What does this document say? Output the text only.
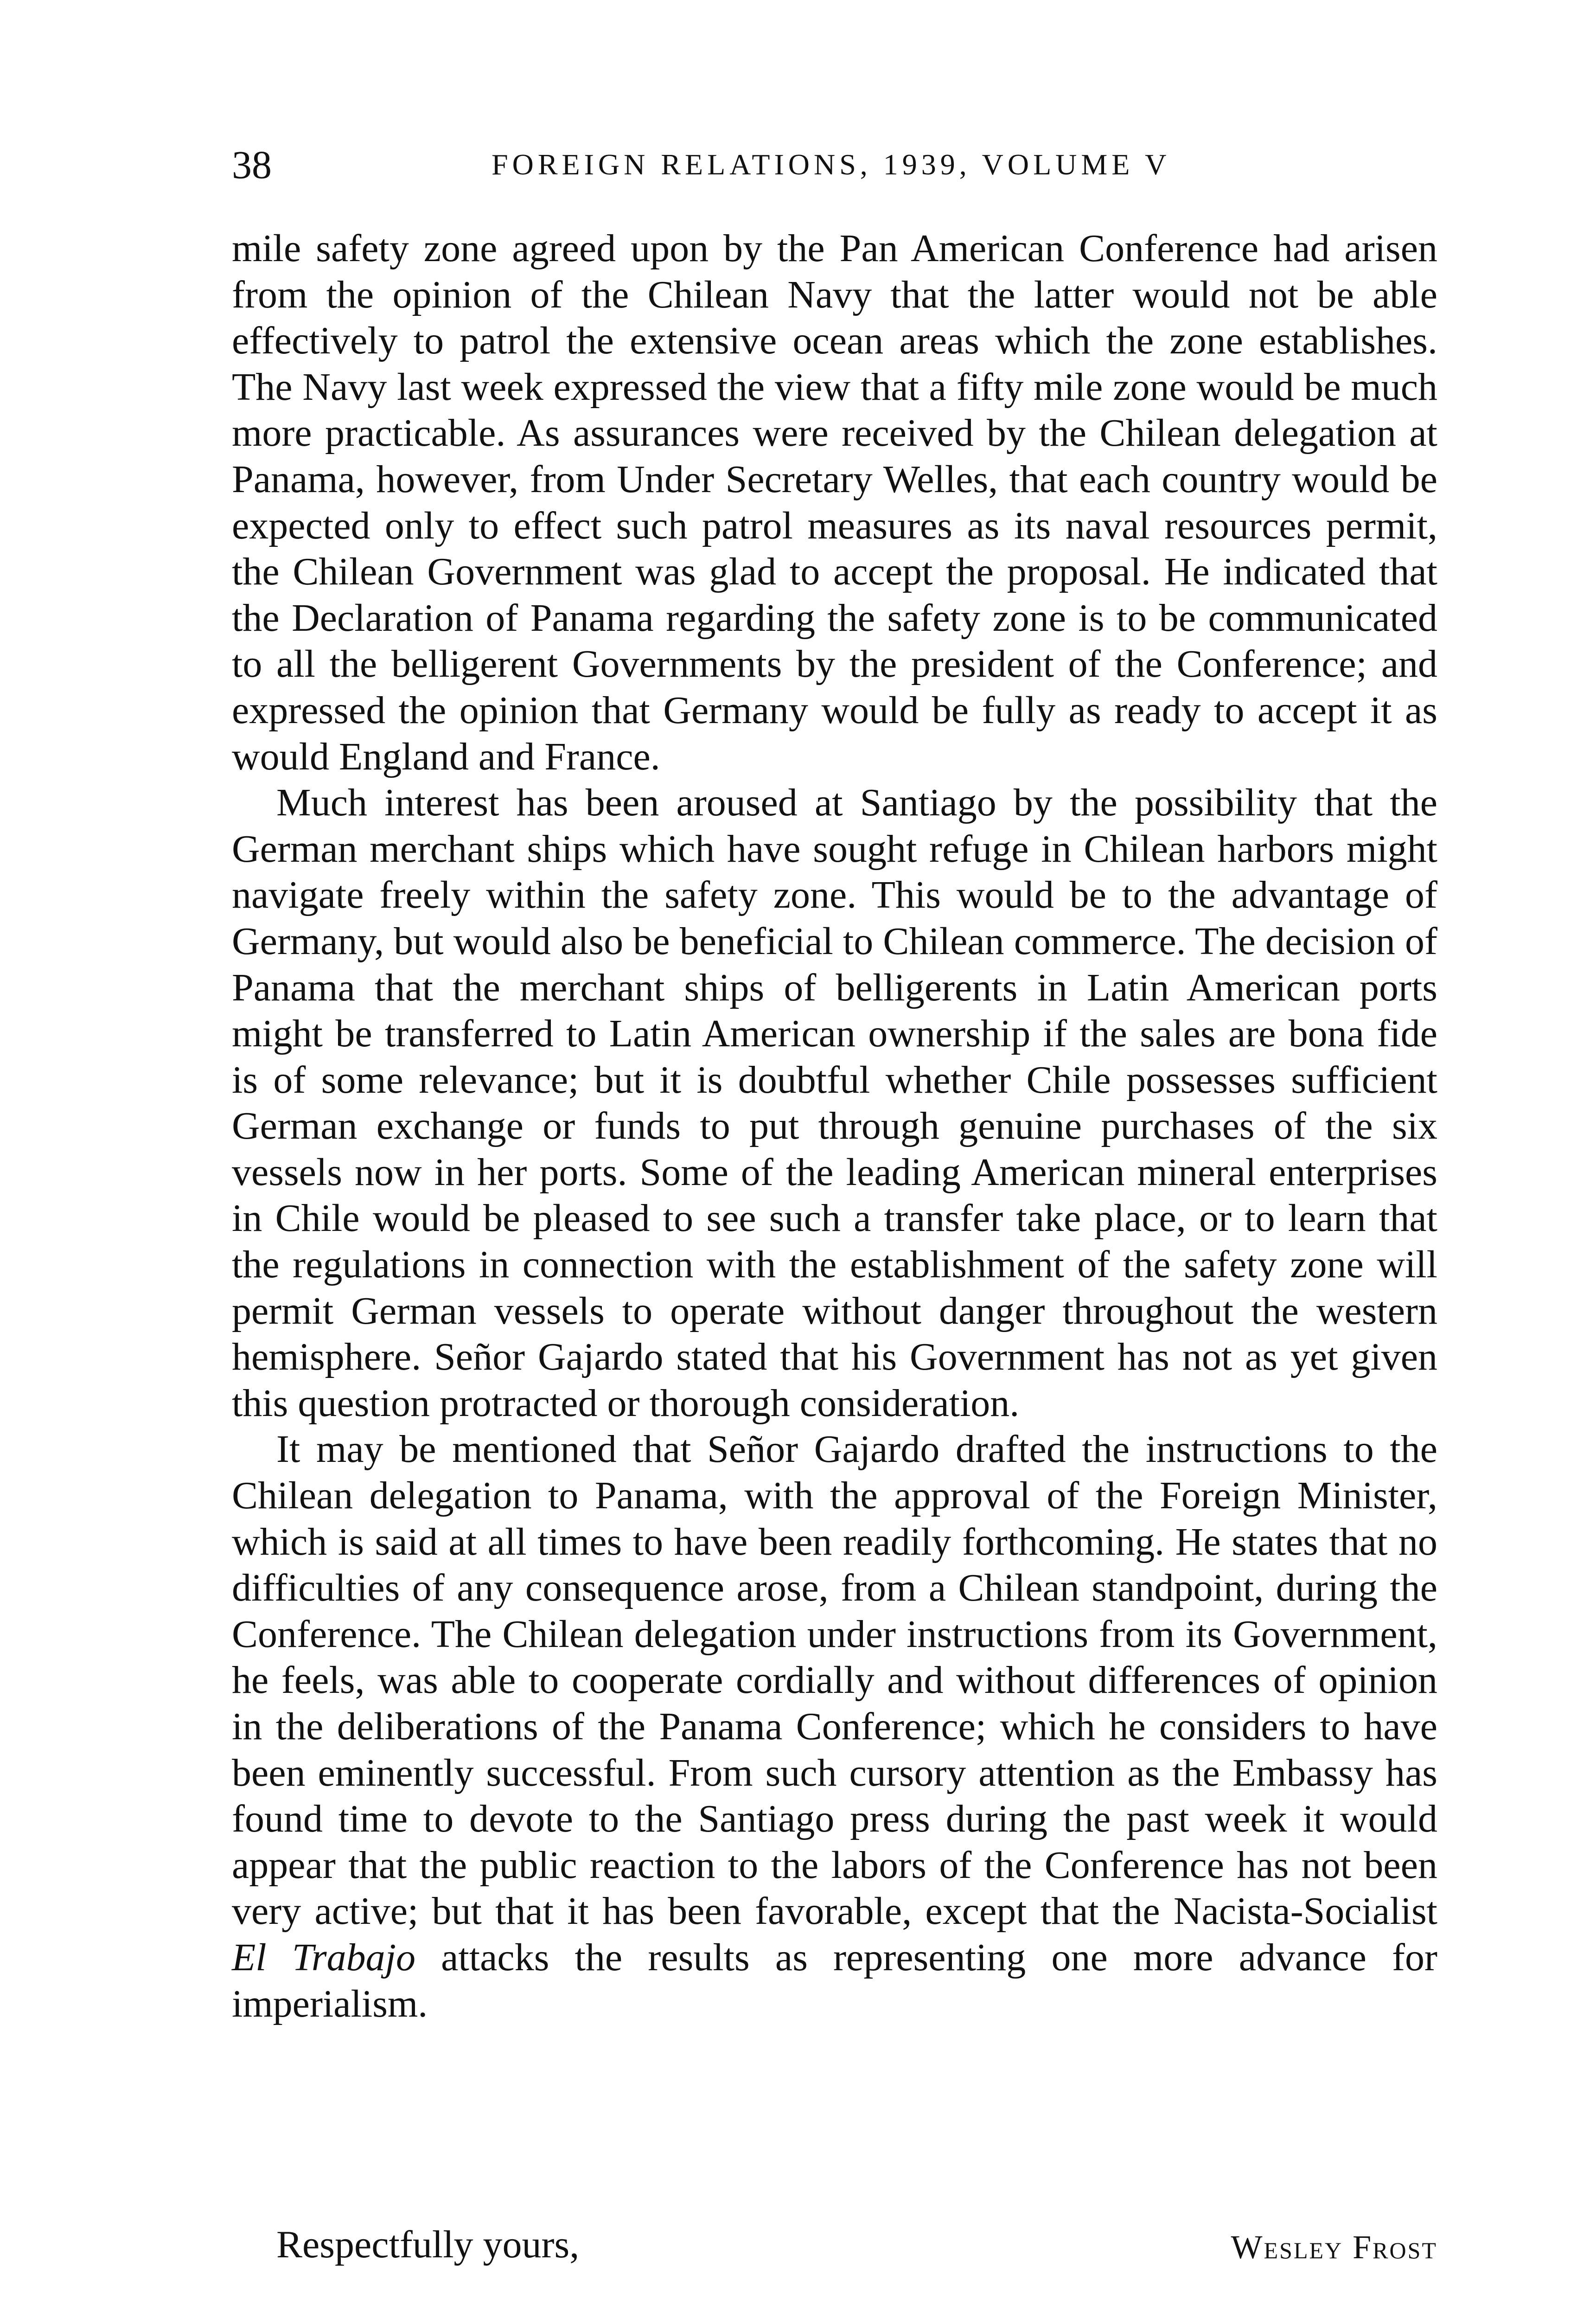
38	FOREIGN RELATIONS, 1939, VOLUME V

mile safety zone agreed upon by the Pan American Conference had arisen from the opinion of the Chilean Navy that the latter would not be able effectively to patrol the extensive ocean areas which the zone establishes. The Navy last week expressed the view that a fifty mile zone would be much more practicable. As assurances were received by the Chilean delegation at Panama, however, from Under Secretary Welles, that each country would be expected only to effect such patrol measures as its naval resources permit, the Chilean Government was glad to accept the proposal. He indicated that the Declaration of Panama regarding the safety zone is to be communicated to all the belligerent Governments by the president of the Conference; and expressed the opinion that Germany would be fully as ready to accept it as would England and France.

Much interest has been aroused at Santiago by the possibility that the German merchant ships which have sought refuge in Chilean harbors might navigate freely within the safety zone. This would be to the advantage of Germany, but would also be beneficial to Chilean commerce. The decision of Panama that the merchant ships of belligerents in Latin American ports might be transferred to Latin American ownership if the sales are bona fide is of some relevance; but it is doubtful whether Chile possesses sufficient German exchange or funds to put through genuine purchases of the six vessels now in her ports. Some of the leading American mineral enterprises in Chile would be pleased to see such a transfer take place, or to learn that the regulations in connection with the establishment of the safety zone will permit German vessels to operate without danger throughout the western hemisphere. Señor Gajardo stated that his Government has not as yet given this question protracted or thorough consideration.

It may be mentioned that Señor Gajardo drafted the instructions to the Chilean delegation to Panama, with the approval of the Foreign Minister, which is said at all times to have been readily forthcoming. He states that no difficulties of any consequence arose, from a Chilean standpoint, during the Conference. The Chilean delegation under instructions from its Government, he feels, was able to cooperate cordially and without differences of opinion in the deliberations of the Panama Conference; which he considers to have been eminently successful. From such cursory attention as the Embassy has found time to devote to the Santiago press during the past week it would appear that the public reaction to the labors of the Conference has not been very active; but that it has been favorable, except that the Nacista-Socialist El Trabajo attacks the results as representing one more advance for imperialism.

Respectfully yours,	Wesley Frost
